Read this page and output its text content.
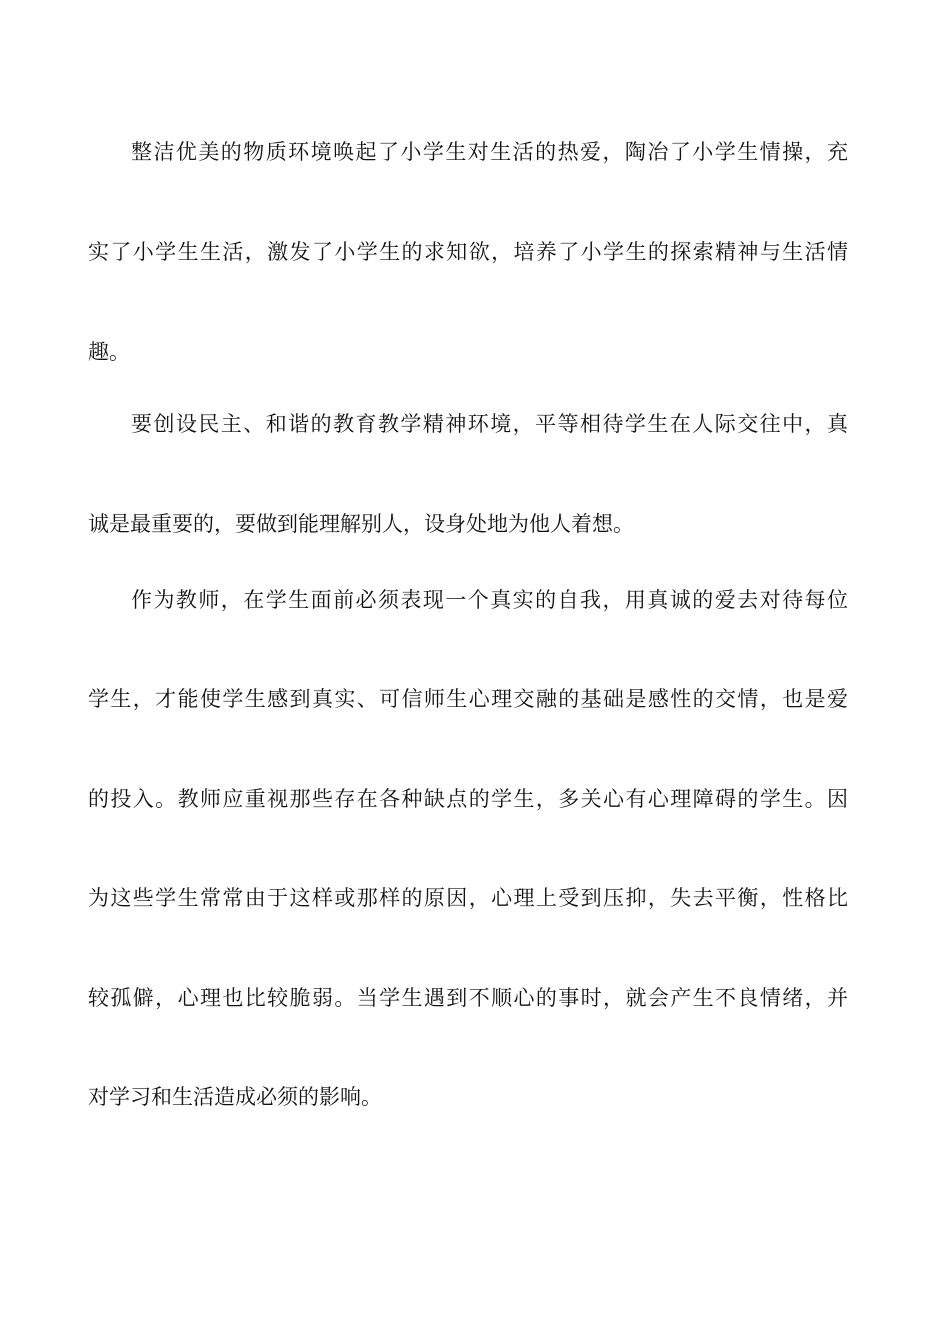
整洁优美的物质环境唤起了小学生对生活的热爱，陶冶了小学生情操，充
实了小学生生活，激发了小学生的求知欲，培养了小学生的探索精神与生活情
趣。
要创设民主、和谐的教育教学精神环境，平等相待学生在人际交往中，真
诚是最重要的，要做到能理解别人，设身处地为他人着想。
作为教师，在学生面前必须表现一个真实的自我，用真诚的爱去对待每位
学生，才能使学生感到真实、可信师生心理交融的基础是感性的交情，也是爱
的投入。教师应重视那些存在各种缺点的学生，多关心有心理障碍的学生。因
为这些学生常常由于这样或那样的原因，心理上受到压抑，失去平衡，性格比
较孤僻，心理也比较脆弱。当学生遇到不顺心的事时，就会产生不良情绪，并
对学习和生活造成必须的影响。
